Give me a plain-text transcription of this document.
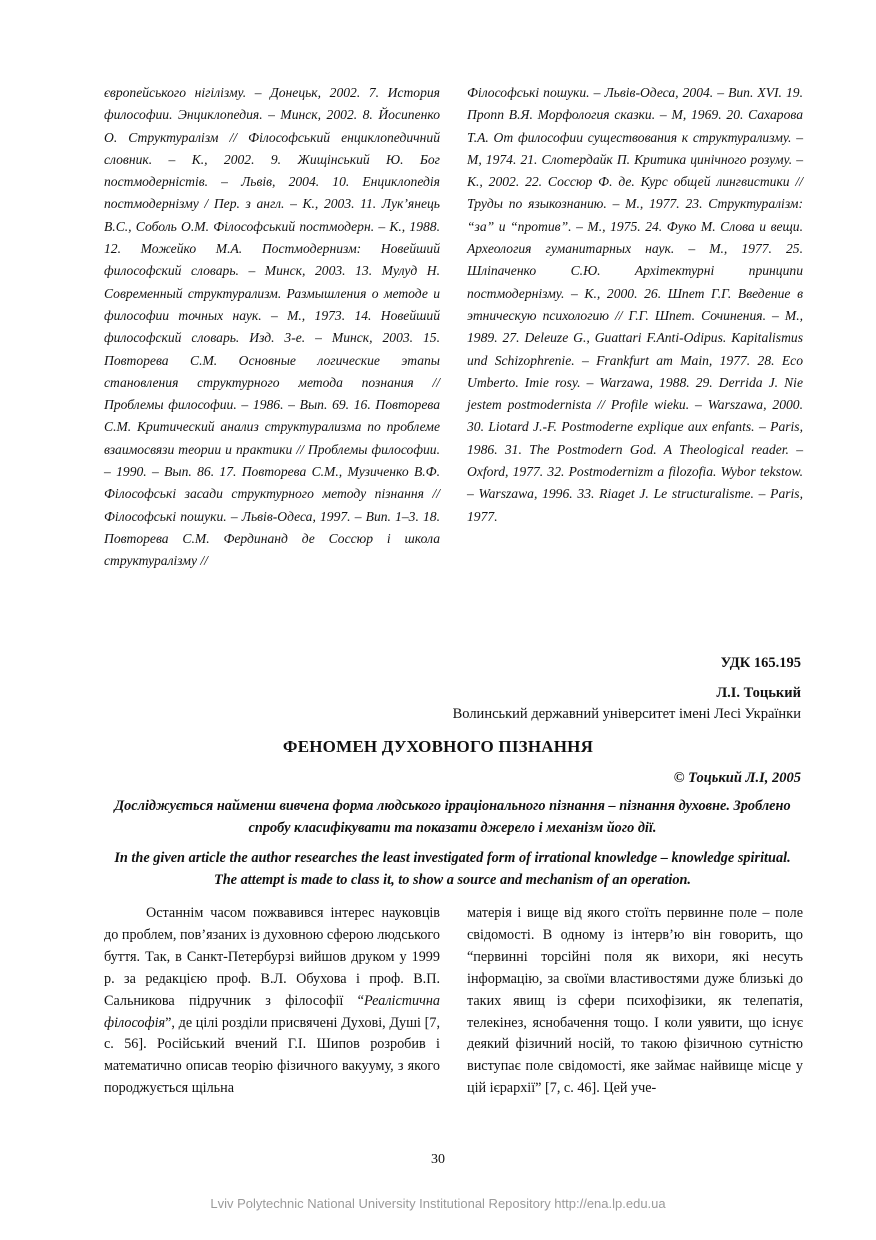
європейського нігілізму. – Донецьк, 2002. 7. История философии. Энциклопедия. – Минск, 2002. 8. Йосипенко О. Структуралізм // Філософський енциклопедичний словник. – К., 2002. 9. Жищінський Ю. Бог постмодерністів. – Львів, 2004. 10. Енциклопедія постмодернізму / Пер. з англ. – К., 2003. 11. Лук’янець В.С., Соболь О.М. Філософський постмодерн. – К., 1988. 12. Можейко М.А. Постмодернизм: Новейший философский словарь. – Минск, 2003. 13. Мулуд Н. Современный структурализм. Размышления о методе и философии точных наук. – М., 1973. 14. Новейший философский словарь. Изд. 3-е. – Минск, 2003. 15. Повторева С.М. Основные логические этапы становления структурного метода познания // Проблемы философии. – 1986. – Вып. 69. 16. Повторева С.М. Критический анализ структурализма по проблеме взаимосвязи теории и практики // Проблемы философии. – 1990. – Вып. 86. 17. Повторева С.М., Музиченко В.Ф. Філософські засади структурного методу пізнання // Філософські пошуки. – Львів-Одеса, 1997. – Вип. 1–3. 18. Повторева С.М. Фердинанд де Соссюр і школа структуралізму //
Філософські пошуки. – Львів-Одеса, 2004. – Вип. XVI. 19. Пропп В.Я. Морфология сказки. – М, 1969. 20. Сахарова Т.А. От философии существования к структурализму. – М, 1974. 21. Слотердайк П. Критика цинічного розуму. – К., 2002. 22. Соссюр Ф. де. Курс общей лингвистики // Труды по языкознанию. – М., 1977. 23. Структуралізм: “за” и “против”. – М., 1975. 24. Фуко М. Слова и вещи. Археология гуманитарных наук. – М., 1977. 25. Шліпаченко С.Ю. Архітектурні принципи постмодернізму. – К., 2000. 26. Шпет Г.Г. Введение в этническую психологию // Г.Г. Шпет. Сочинения. – М., 1989. 27. Deleuze G., Guattari F.Anti-Odipus. Kapitalismus und Schizophrenie. – Frankfurt am Main, 1977. 28. Eco Umberto. Imie rosy. – Warzawa, 1988. 29. Derrida J. Nie jestem postmodernista // Profile wieku. – Warszawa, 2000. 30. Liotard J.-F. Postmoderne explique aux enfants. – Paris, 1986. 31. The Postmodern God. A Theological reader. – Oxford, 1977. 32. Postmodernizm a filozofia. Wybor tekstow. – Warszawa, 1996. 33. Riaget J. Le structuralisme. – Paris, 1977.
УДК 165.195
Л.І. Тоцький
Волинський державний університет імені Лесі Українки
ФЕНОМЕН ДУХОВНОГО ПІЗНАННЯ
© Тоцький Л.І, 2005
Досліджується найменш вивчена форма людського ірраціонального пізнання – пізнання духовне. Зроблено спробу класифікувати та показати джерело і механізм його дії.
In the given article the author researches the least investigated form of irrational knowledge – knowledge spiritual. The attempt is made to class it, to show a source and mechanism of an operation.

Останнім часом пожвавився інтерес науковців до проблем, пов’язаних із духовною сферою людського буття. Так, в Санкт-Петербурзі вийшов друком у 1999 р. за редакцією проф. В.Л. Обухова і проф. В.П. Сальникова підручник з філософії “Реалістична філософія”, де цілі розділи присвячені Духові, Душі [7, с. 56]. Російський вчений Г.І. Шипов розробив і математично описав теорію фізичного вакууму, з якого породжується щільна

матерія і вище від якого стоїть первинне поле – поле свідомості. В одному із інтерв’ю він говорить, що “первинні торсійні поля як вихори, які несуть інформацію, за своїми властивостями дуже близькі до таких явищ із сфери психофізики, як телепатія, телекінез, яснобачення тощо. І коли уявити, що існує деякий фізичний носій, то такою фізичною сутністю виступає поле свідомості, яке займає найвище місце у цій ієрархії” [7, с. 46]. Цей уче-

30
Lviv Polytechnic National University Institutional Repository http://ena.lp.edu.ua
